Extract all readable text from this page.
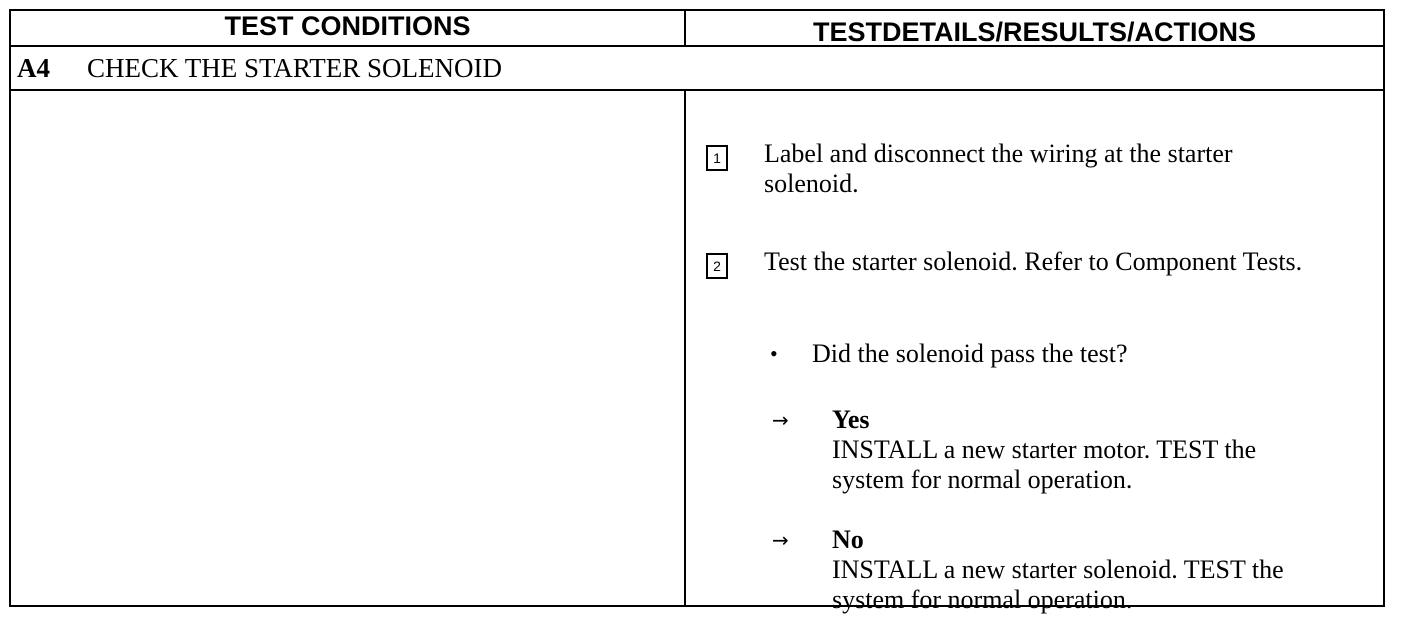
TEST CONDITIONS	TESTDETAILS/RESULTS/ACTIONS
A4 CHECK THE STARTER SOLENOID
1 Label and disconnect the wiring at the starter
solenoid.
2 Test the starter solenoid. Refer to Component Tests.
• Did the solenoid pass the test?
→ Yes
INSTALL a new starter motor. TEST the
system for normal operation.
→ No
INSTALL a new starter solenoid. TEST the
system for normal operation.
